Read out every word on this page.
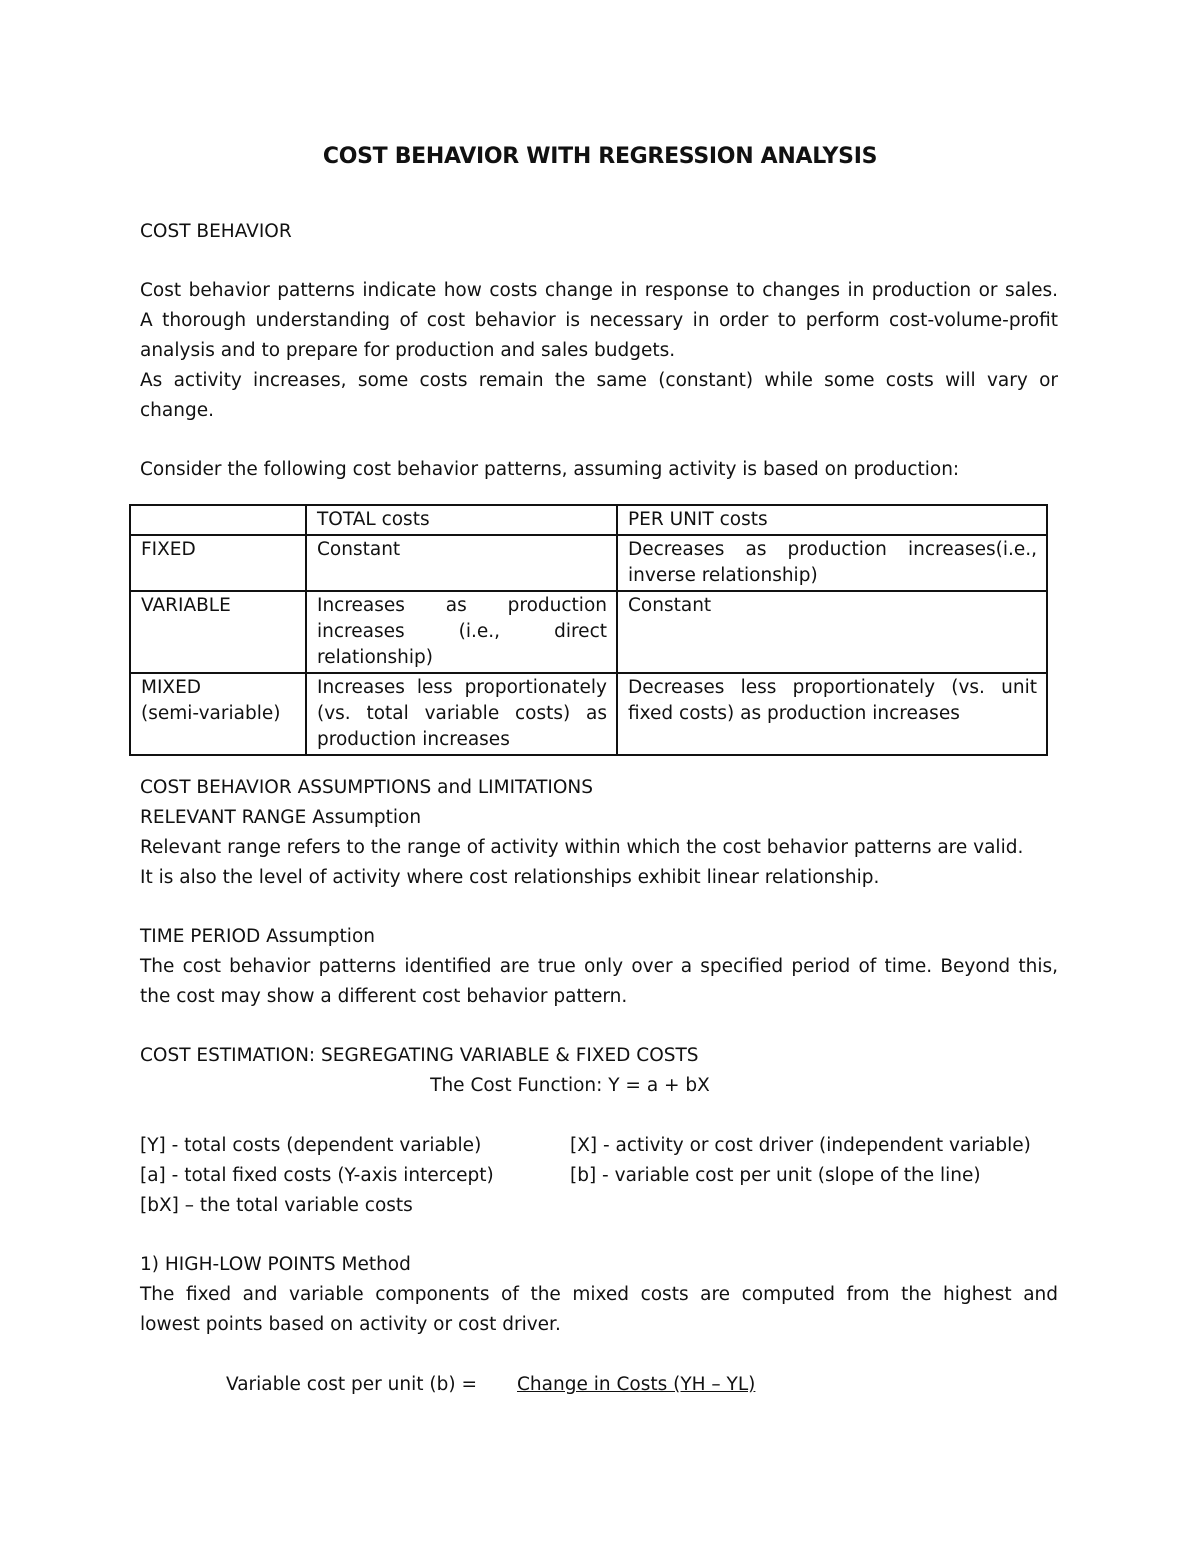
COST BEHAVIOR WITH REGRESSION ANALYSIS
COST BEHAVIOR
Cost behavior patterns indicate how costs change in response to changes in production or sales.
A thorough understanding of cost behavior is necessary in order to perform cost-volume-profit
analysis and to prepare for production and sales budgets.
As activity increases, some costs remain the same (constant) while some costs will vary or
change.
Consider the following cost behavior patterns, assuming activity is based on production:
	TOTAL costs	PER UNIT costs
FIXED	Constant	Decreases as production increases(i.e.,
inverse relationship)

VARIABLE	Increases as production
increases (i.e., direct
relationship)	Constant

MIXED
(semi-variable)	Increases less proportionately
(vs. total variable costs) as
production increases	Decreases less proportionately (vs. unit
fixed costs) as production increases
COST BEHAVIOR ASSUMPTIONS and LIMITATIONS
RELEVANT RANGE Assumption
Relevant range refers to the range of activity within which the cost behavior patterns are valid.
It is also the level of activity where cost relationships exhibit linear relationship.
TIME PERIOD Assumption
The cost behavior patterns identified are true only over a specified period of time. Beyond this,
the cost may show a different cost behavior pattern.
COST ESTIMATION: SEGREGATING VARIABLE & FIXED COSTS
The Cost Function: Y = a + bX
[Y] - total costs (dependent variable)	[X] - activity or cost driver (independent variable)
[a] - total fixed costs (Y-axis intercept)	[b] - variable cost per unit (slope of the line)
[bX] – the total variable costs
1) HIGH-LOW POINTS Method
The fixed and variable components of the mixed costs are computed from the highest and
lowest points based on activity or cost driver.
Variable cost per unit (b) = Change in Costs (YH – YL)
